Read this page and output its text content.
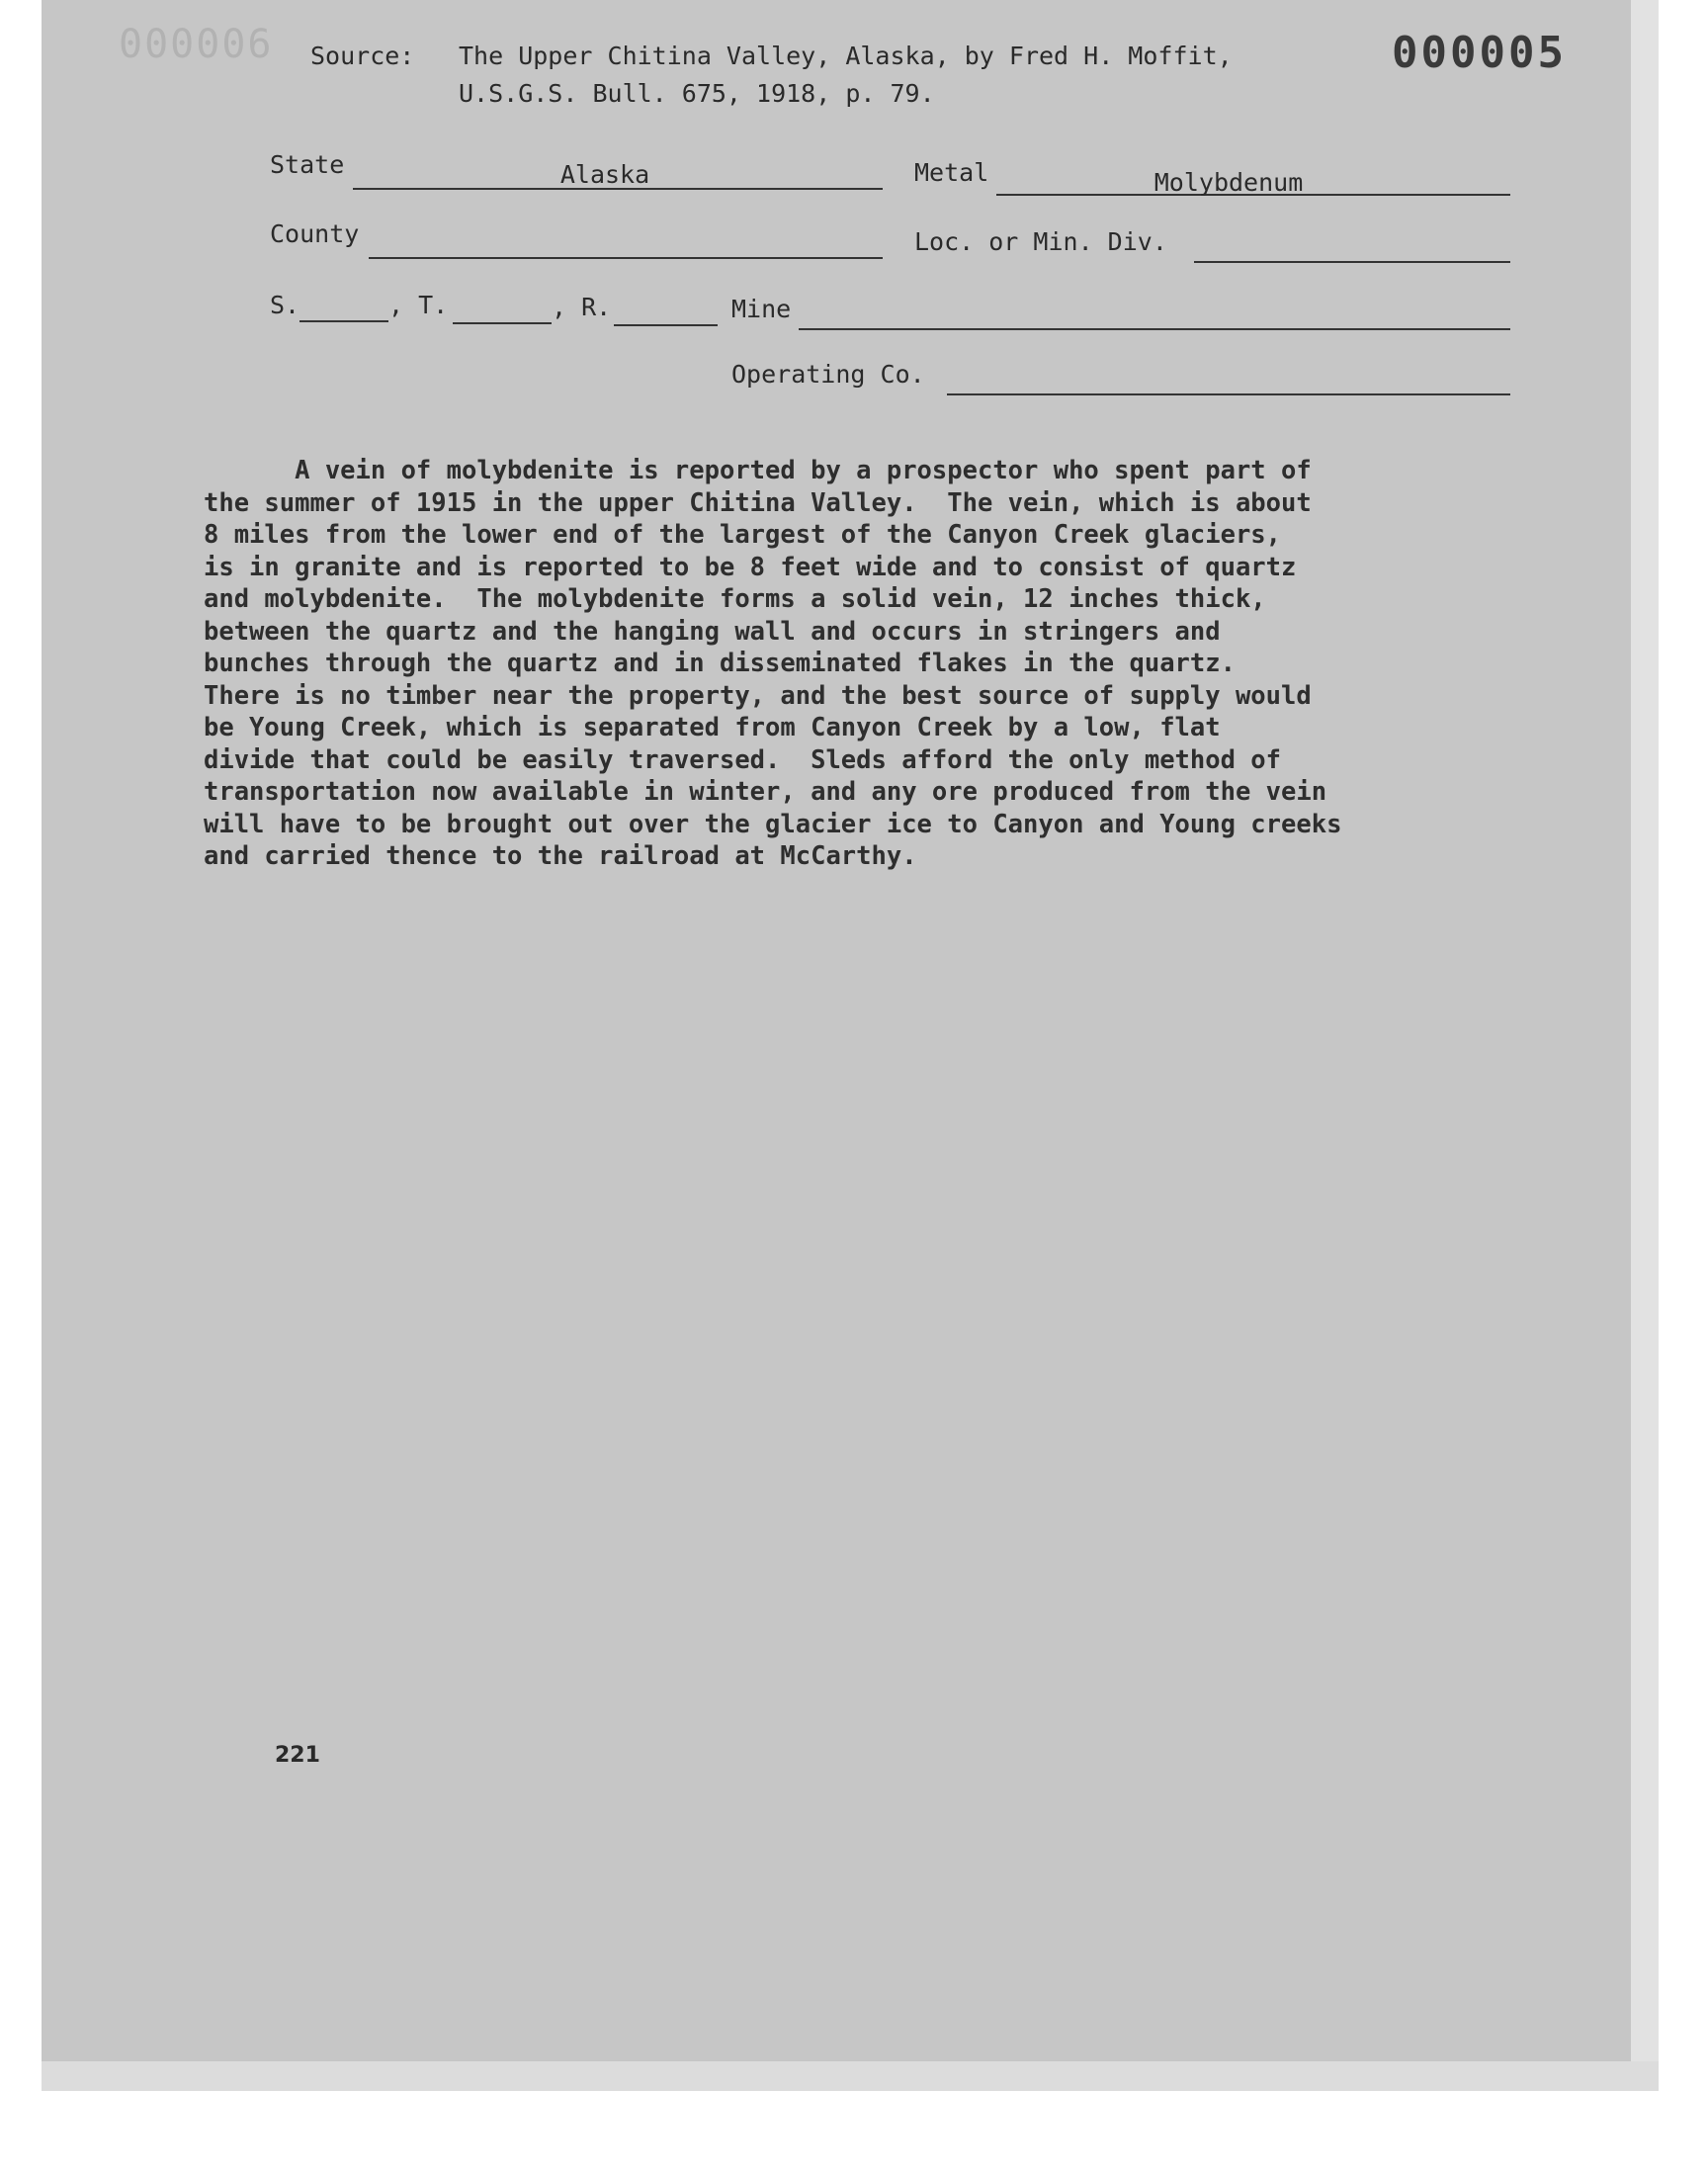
000006	000005
Source: The Upper Chitina Valley, Alaska, by Fred H. Moffit,
U.S.G.S. Bull. 675, 1918, p. 79.
State	Alaska	Metal	Molybdenum
County	Loc. or Min. Div.
S.	, T.	, R.	Mine
Operating Co.
A vein of molybdenite is reported by a prospector who spent part of
the summer of 1915 in the upper Chitina Valley.  The vein, which is about
8 miles from the lower end of the largest of the Canyon Creek glaciers,
is in granite and is reported to be 8 feet wide and to consist of quartz
and molybdenite.  The molybdenite forms a solid vein, 12 inches thick,
between the quartz and the hanging wall and occurs in stringers and
bunches through the quartz and in disseminated flakes in the quartz.
There is no timber near the property, and the best source of supply would
be Young Creek, which is separated from Canyon Creek by a low, flat
divide that could be easily traversed.  Sleds afford the only method of
transportation now available in winter, and any ore produced from the vein
will have to be brought out over the glacier ice to Canyon and Young creeks
and carried thence to the railroad at McCarthy.
221
